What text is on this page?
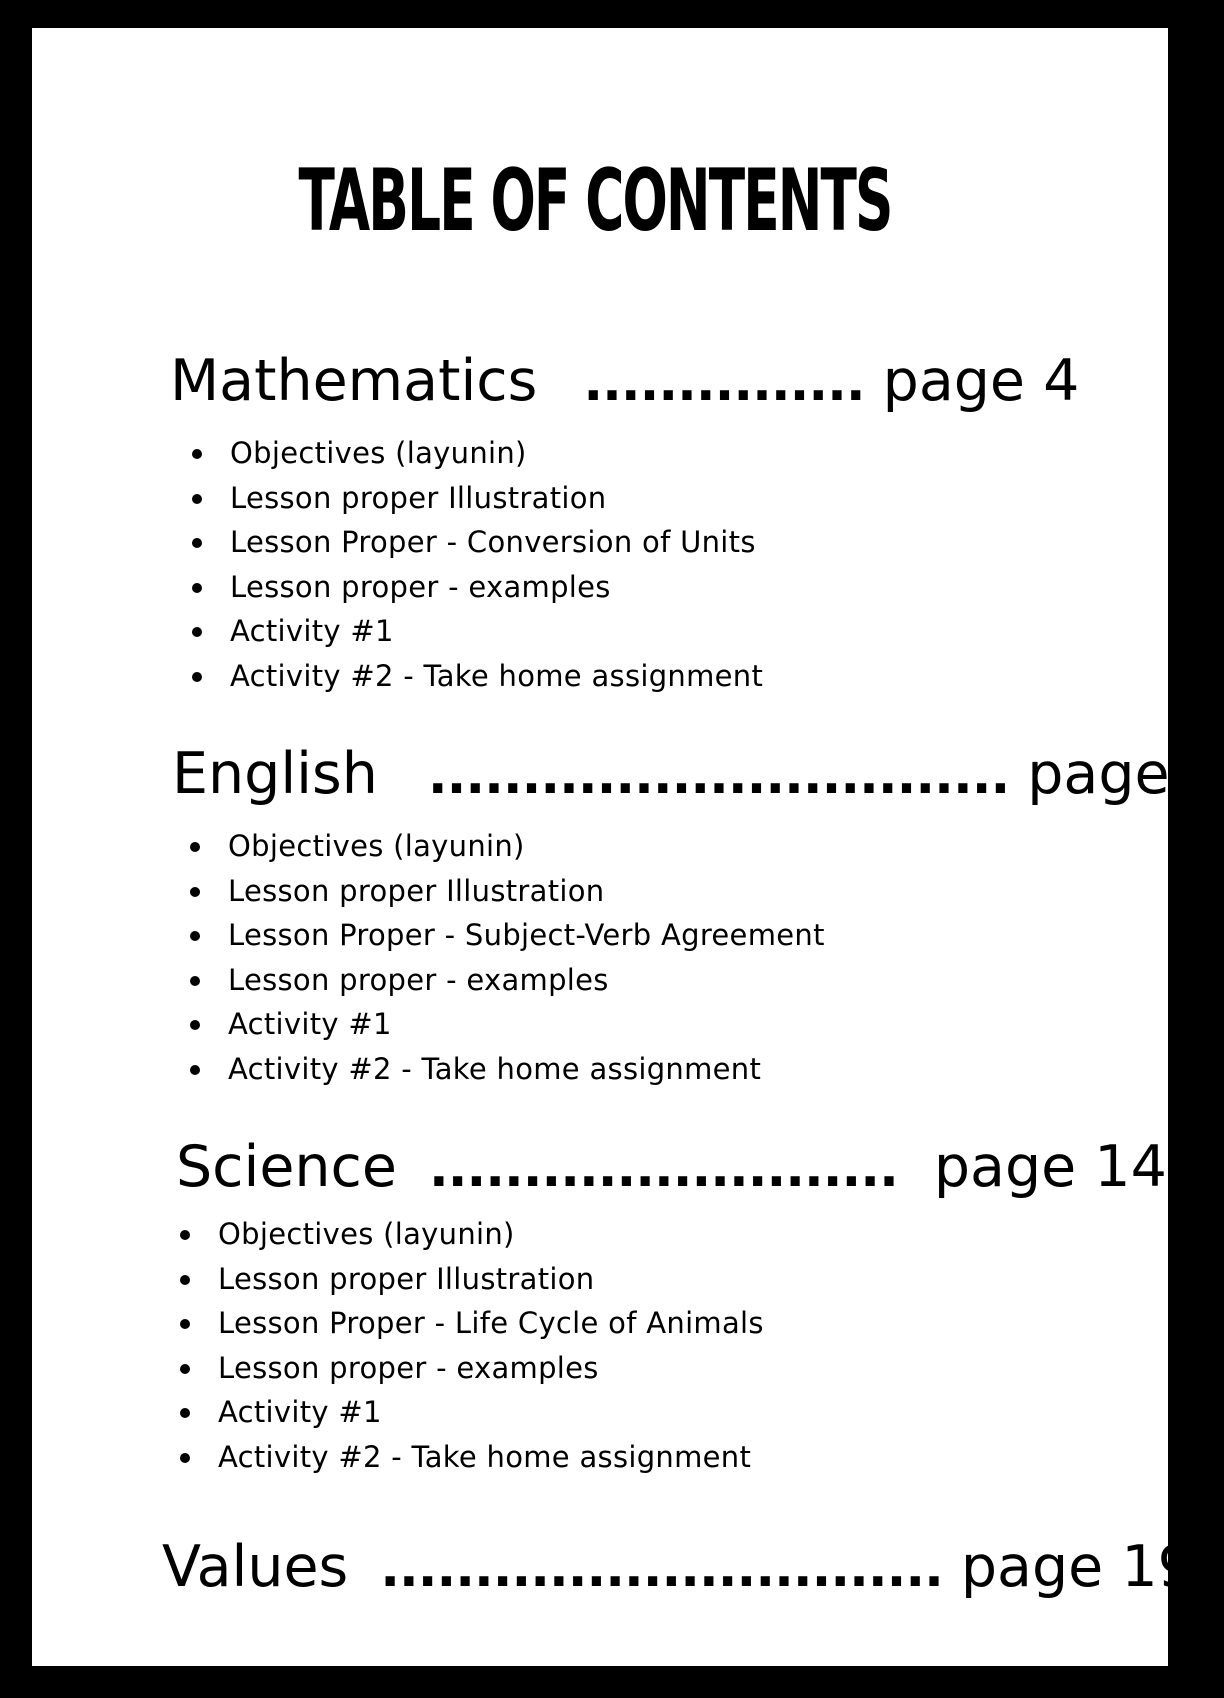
TABLE OF CONTENTS
Mathematics ............... page 4
Objectives (layunin)
Lesson proper Illustration
Lesson Proper - Conversion of Units
Lesson proper - examples
Activity #1
Activity #2 - Take home assignment
English ............................... page 9
Objectives (layunin)
Lesson proper Illustration
Lesson Proper - Subject-Verb Agreement
Lesson proper - examples
Activity #1
Activity #2 - Take home assignment
Science ......................... page 14
Objectives (layunin)
Lesson proper Illustration
Lesson Proper - Life Cycle of Animals
Lesson proper - examples
Activity #1
Activity #2 - Take home assignment
Values .............................. page 19
